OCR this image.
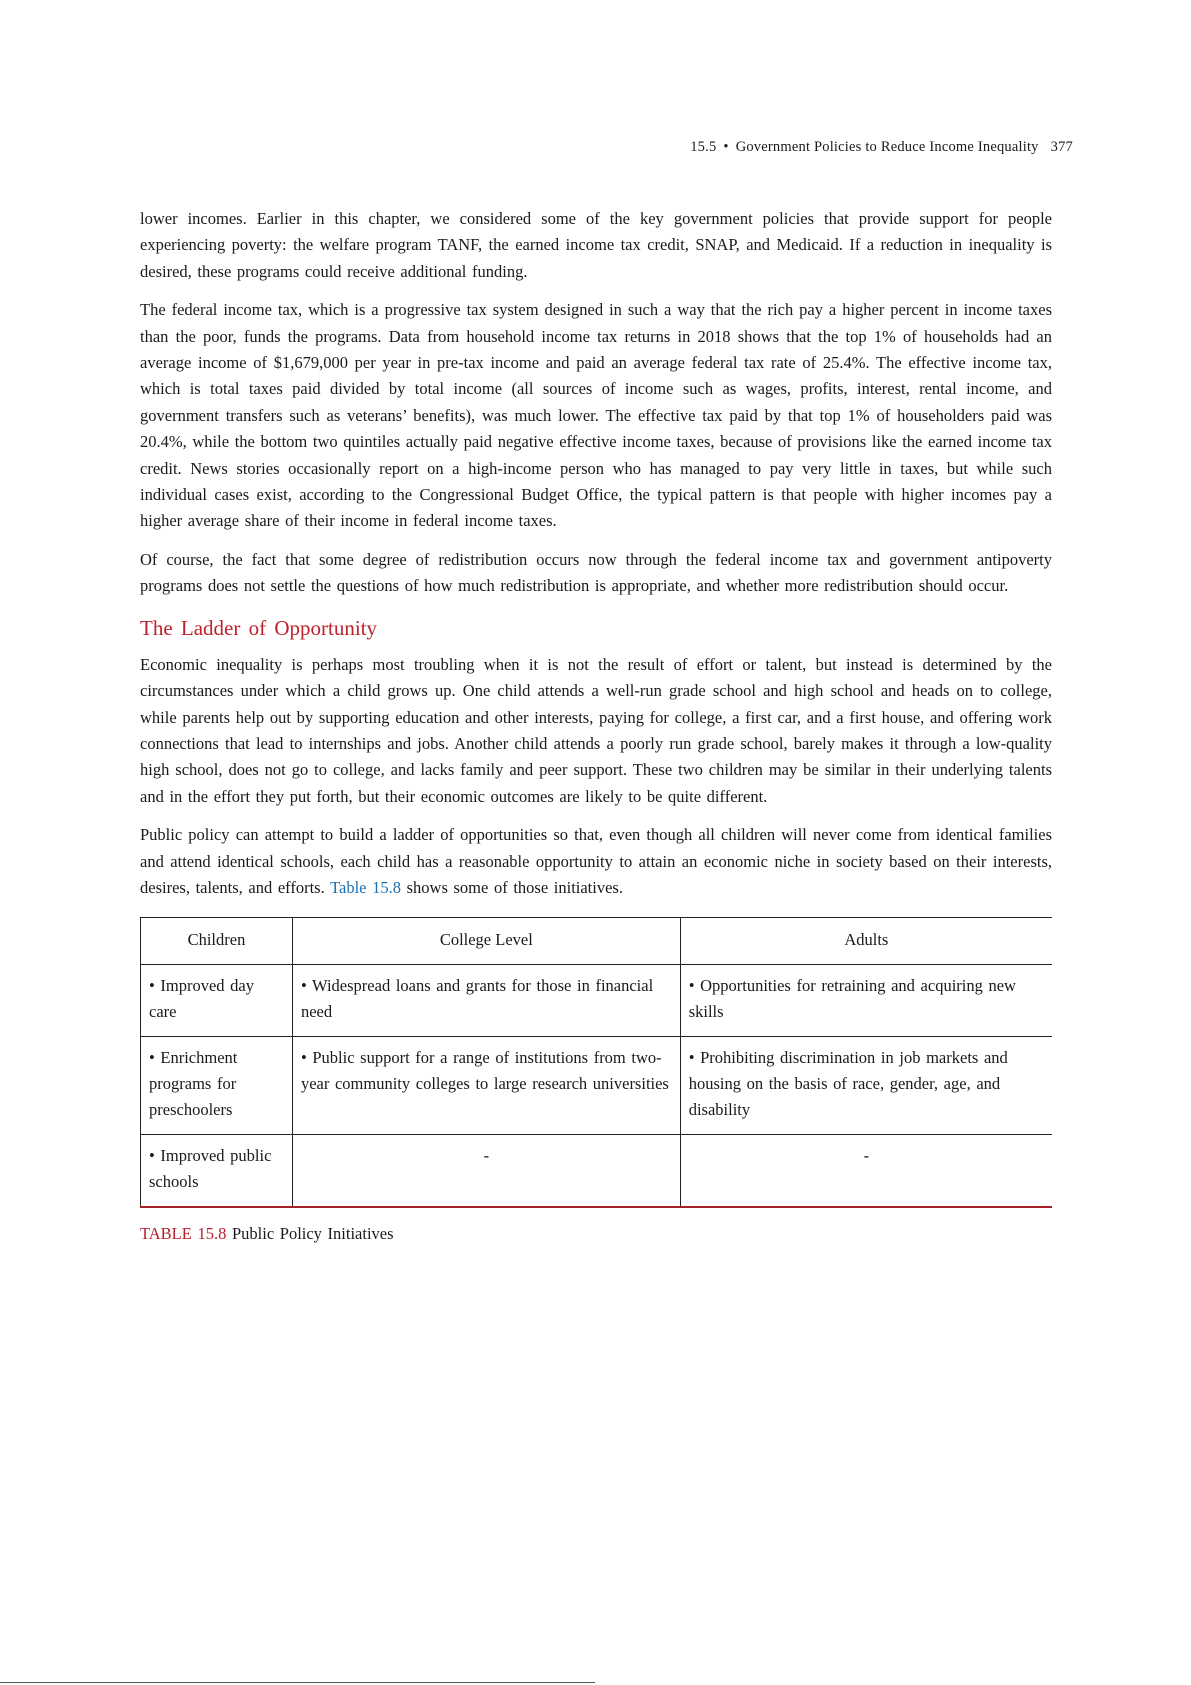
15.5 • Government Policies to Reduce Income Inequality 377

lower incomes. Earlier in this chapter, we considered some of the key government policies that provide support for people experiencing poverty: the welfare program TANF, the earned income tax credit, SNAP, and Medicaid. If a reduction in inequality is desired, these programs could receive additional funding.

The federal income tax, which is a progressive tax system designed in such a way that the rich pay a higher percent in income taxes than the poor, funds the programs. Data from household income tax returns in 2018 shows that the top 1% of households had an average income of $1,679,000 per year in pre-tax income and paid an average federal tax rate of 25.4%. The effective income tax, which is total taxes paid divided by total income (all sources of income such as wages, profits, interest, rental income, and government transfers such as veterans’ benefits), was much lower. The effective tax paid by that top 1% of householders paid was 20.4%, while the bottom two quintiles actually paid negative effective income taxes, because of provisions like the earned income tax credit. News stories occasionally report on a high-income person who has managed to pay very little in taxes, but while such individual cases exist, according to the Congressional Budget Office, the typical pattern is that people with higher incomes pay a higher average share of their income in federal income taxes.

Of course, the fact that some degree of redistribution occurs now through the federal income tax and government antipoverty programs does not settle the questions of how much redistribution is appropriate, and whether more redistribution should occur.

The Ladder of Opportunity

Economic inequality is perhaps most troubling when it is not the result of effort or talent, but instead is determined by the circumstances under which a child grows up. One child attends a well-run grade school and high school and heads on to college, while parents help out by supporting education and other interests, paying for college, a first car, and a first house, and offering work connections that lead to internships and jobs. Another child attends a poorly run grade school, barely makes it through a low-quality high school, does not go to college, and lacks family and peer support. These two children may be similar in their underlying talents and in the effort they put forth, but their economic outcomes are likely to be quite different.

Public policy can attempt to build a ladder of opportunities so that, even though all children will never come from identical families and attend identical schools, each child has a reasonable opportunity to attain an economic niche in society based on their interests, desires, talents, and efforts. Table 15.8 shows some of those initiatives.

Children	College Level	Adults
• Improved day care	• Widespread loans and grants for those in financial need	• Opportunities for retraining and acquiring new skills
• Enrichment programs for preschoolers	• Public support for a range of institutions from two-year community colleges to large research universities	• Prohibiting discrimination in job markets and housing on the basis of race, gender, age, and disability
• Improved public schools	-	-
TABLE 15.8 Public Policy Initiatives
